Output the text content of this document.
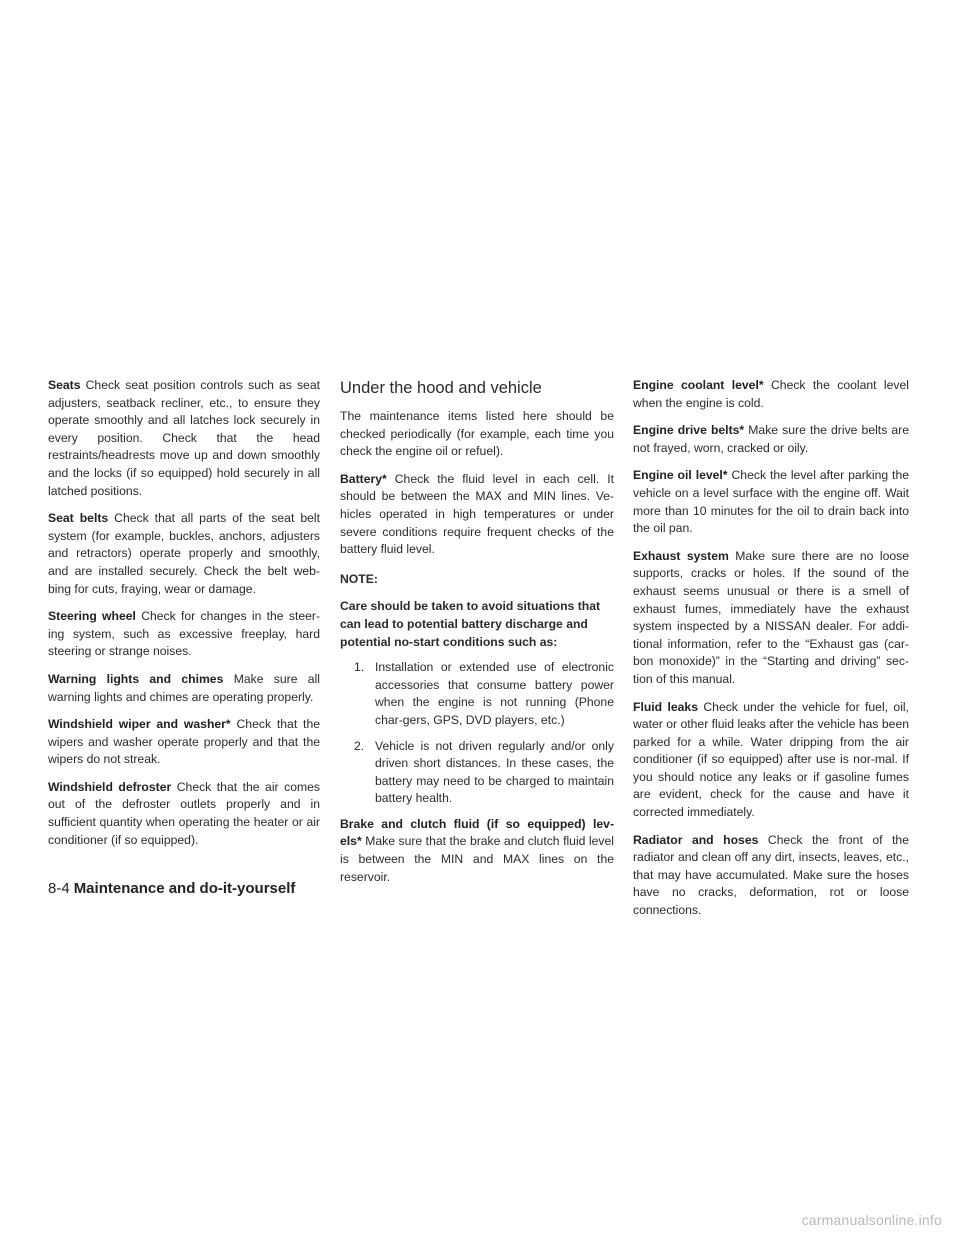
Seats Check seat position controls such as seat adjusters, seatback recliner, etc., to ensure they operate smoothly and all latches lock securely in every position. Check that the head restraints/headrests move up and down smoothly and the locks (if so equipped) hold securely in all latched positions.

Seat belts Check that all parts of the seat belt system (for example, buckles, anchors, adjusters and retractors) operate properly and smoothly, and are installed securely. Check the belt web-bing for cuts, fraying, wear or damage.

Steering wheel Check for changes in the steer-ing system, such as excessive freeplay, hard steering or strange noises.

Warning lights and chimes Make sure all warning lights and chimes are operating properly.

Windshield wiper and washer* Check that the wipers and washer operate properly and that the wipers do not streak.

Windshield defroster Check that the air comes out of the defroster outlets properly and in sufficient quantity when operating the heater or air conditioner (if so equipped).

Under the hood and vehicle

The maintenance items listed here should be checked periodically (for example, each time you check the engine oil or refuel).

Battery* Check the fluid level in each cell. It should be between the MAX and MIN lines. Ve-hicles operated in high temperatures or under severe conditions require frequent checks of the battery fluid level.

NOTE:
Care should be taken to avoid situations that can lead to potential battery discharge and potential no-start conditions such as:
1. Installation or extended use of electronic accessories that consume battery power when the engine is not running (Phone char-gers, GPS, DVD players, etc.)
2. Vehicle is not driven regularly and/or only driven short distances. In these cases, the battery may need to be charged to maintain battery health.

Brake and clutch fluid (if so equipped) lev-els* Make sure that the brake and clutch fluid level is between the MIN and MAX lines on the reservoir.

Engine coolant level* Check the coolant level when the engine is cold.

Engine drive belts* Make sure the drive belts are not frayed, worn, cracked or oily.

Engine oil level* Check the level after parking the vehicle on a level surface with the engine off. Wait more than 10 minutes for the oil to drain back into the oil pan.

Exhaust system Make sure there are no loose supports, cracks or holes. If the sound of the exhaust seems unusual or there is a smell of exhaust fumes, immediately have the exhaust system inspected by a NISSAN dealer. For addi-tional information, refer to the “Exhaust gas (car-bon monoxide)” in the “Starting and driving” sec-tion of this manual.

Fluid leaks Check under the vehicle for fuel, oil, water or other fluid leaks after the vehicle has been parked for a while. Water dripping from the air conditioner (if so equipped) after use is nor-mal. If you should notice any leaks or if gasoline fumes are evident, check for the cause and have it corrected immediately.

Radiator and hoses Check the front of the radiator and clean off any dirt, insects, leaves, etc., that may have accumulated. Make sure the hoses have no cracks, deformation, rot or loose connections.

8-4 Maintenance and do-it-yourself
carmanualsonline.info
